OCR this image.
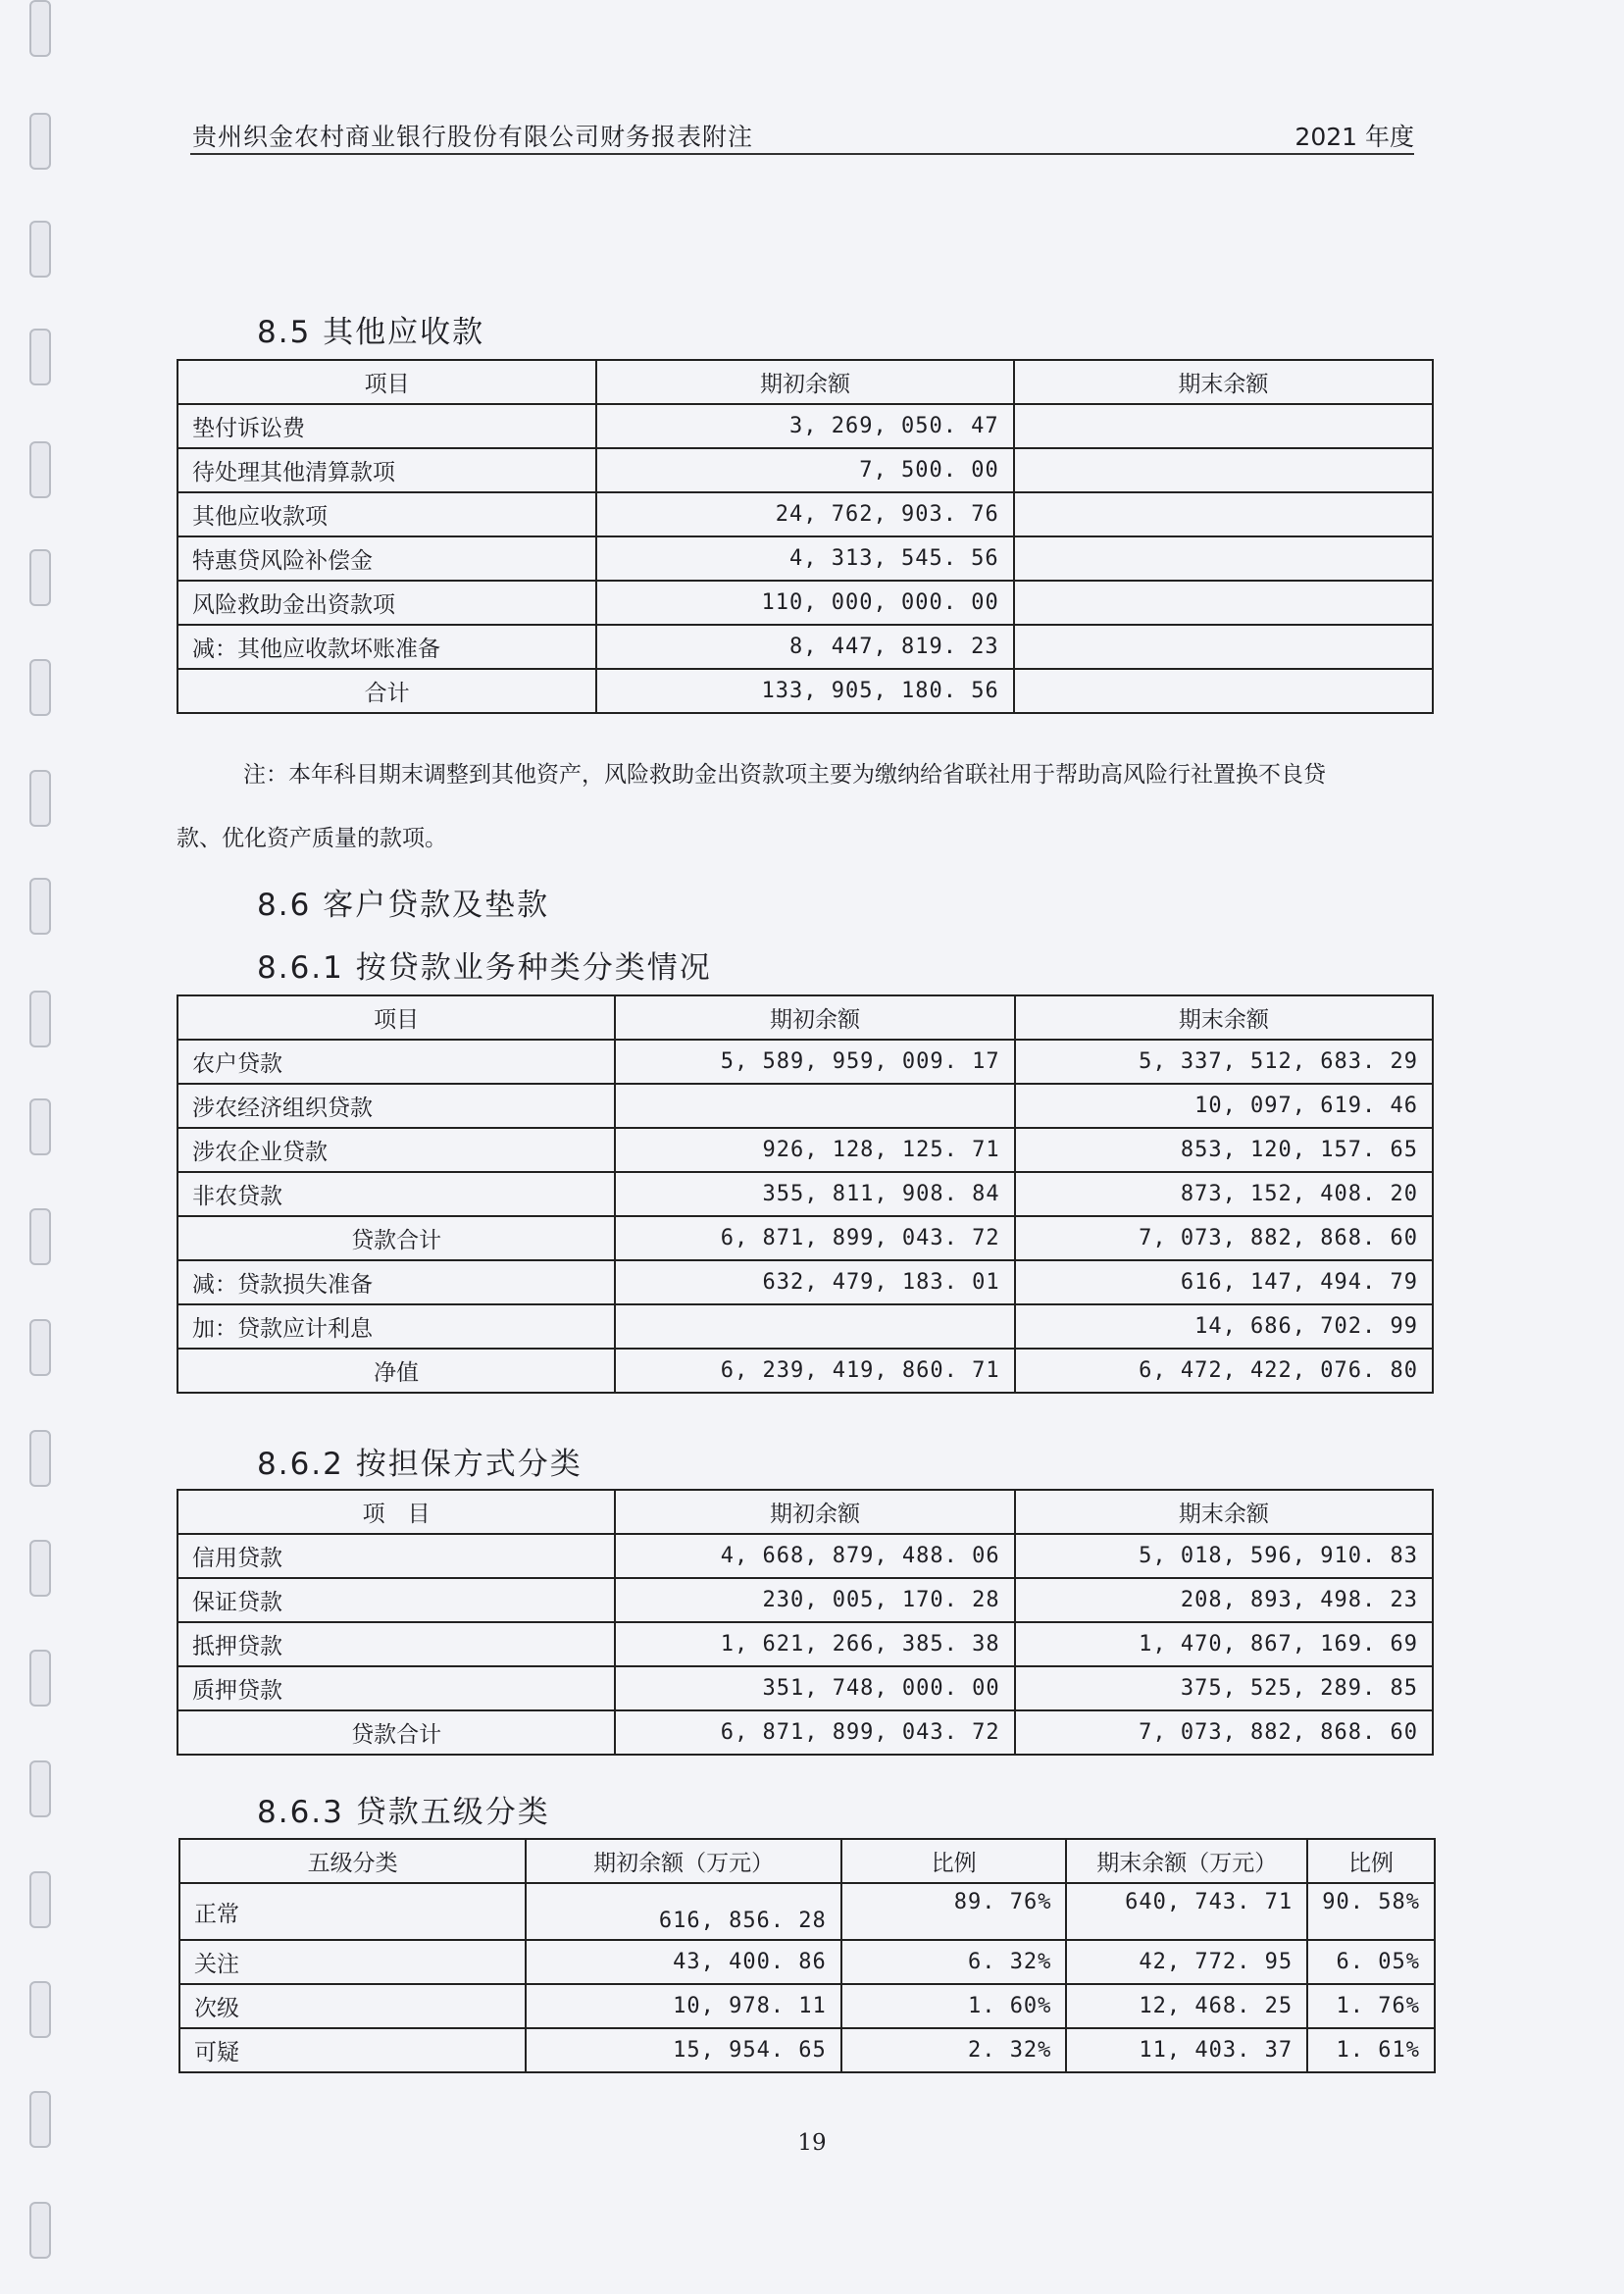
贵州织金农村商业银行股份有限公司财务报表附注	2021 年度
8.5 其他应收款
项目	期初余额	期末余额
垫付诉讼费	3, 269, 050. 47	
待处理其他清算款项	7, 500. 00	
其他应收款项	24, 762, 903. 76	
特惠贷风险补偿金	4, 313, 545. 56	
风险救助金出资款项	110, 000, 000. 00	
减：其他应收款坏账准备	8, 447, 819. 23	
合计	133, 905, 180. 56	
注：本年科目期末调整到其他资产，风险救助金出资款项主要为缴纳给省联社用于帮助高风险行社置换不良贷
款、优化资产质量的款项。
8.6 客户贷款及垫款
8.6.1 按贷款业务种类分类情况
项目	期初余额	期末余额
农户贷款	5, 589, 959, 009. 17	5, 337, 512, 683. 29
涉农经济组织贷款		10, 097, 619. 46
涉农企业贷款	926, 128, 125. 71	853, 120, 157. 65
非农贷款	355, 811, 908. 84	873, 152, 408. 20
贷款合计	6, 871, 899, 043. 72	7, 073, 882, 868. 60
减：贷款损失准备	632, 479, 183. 01	616, 147, 494. 79
加：贷款应计利息		14, 686, 702. 99
净值	6, 239, 419, 860. 71	6, 472, 422, 076. 80
8.6.2 按担保方式分类
项　目	期初余额	期末余额
信用贷款	4, 668, 879, 488. 06	5, 018, 596, 910. 83
保证贷款	230, 005, 170. 28	208, 893, 498. 23
抵押贷款	1, 621, 266, 385. 38	1, 470, 867, 169. 69
质押贷款	351, 748, 000. 00	375, 525, 289. 85
贷款合计	6, 871, 899, 043. 72	7, 073, 882, 868. 60
8.6.3 贷款五级分类
五级分类	期初余额（万元）	比例	期末余额（万元）	比例
正常	616, 856. 28	89. 76%	640, 743. 71	90. 58%
关注	43, 400. 86	6. 32%	42, 772. 95	6. 05%
次级	10, 978. 11	1. 60%	12, 468. 25	1. 76%
可疑	15, 954. 65	2. 32%	11, 403. 37	1. 61%
19
